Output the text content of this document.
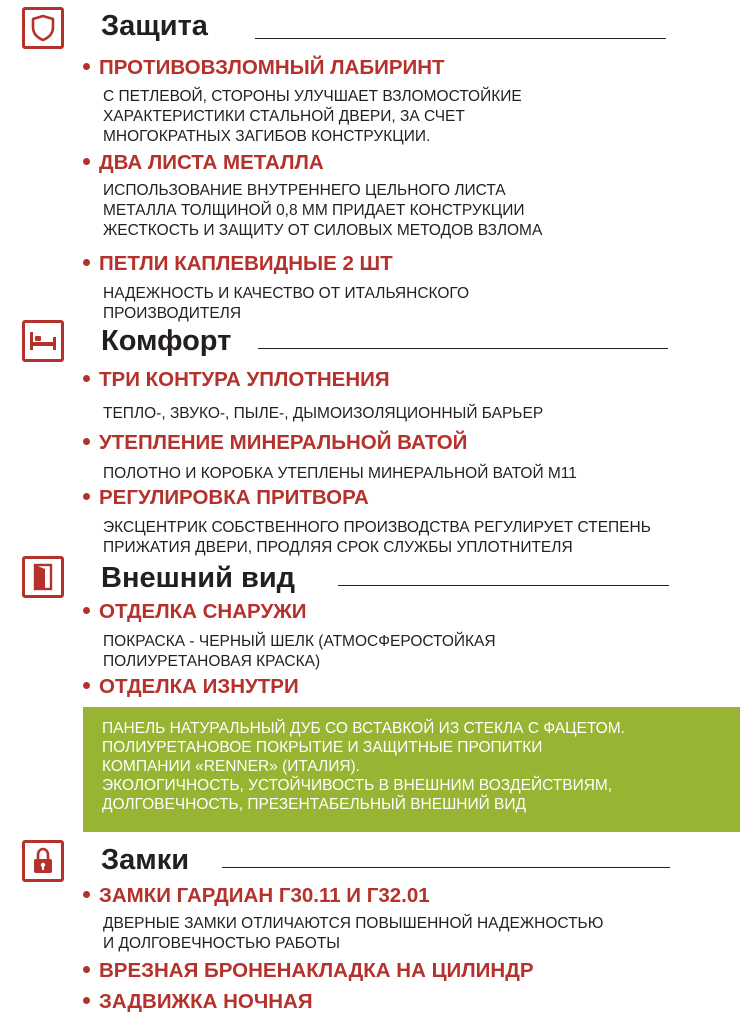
Защита
ПРОТИВОВЗЛОМНЫЙ ЛАБИРИНТ

С ПЕТЛЕВОЙ, СТОРОНЫ УЛУЧШАЕТ ВЗЛОМОСТОЙКИЕ

ХАРАКТЕРИСТИКИ СТАЛЬНОЙ ДВЕРИ, ЗА СЧЕТ

МНОГОКРАТНЫХ ЗАГИБОВ КОНСТРУКЦИИ.

ДВА ЛИСТА МЕТАЛЛА

ИСПОЛЬЗОВАНИЕ ВНУТРЕННЕГО ЦЕЛЬНОГО ЛИСТА

МЕТАЛЛА ТОЛЩИНОЙ 0,8 ММ ПРИДАЕТ КОНСТРУКЦИИ

ЖЕСТКОСТЬ И ЗАЩИТУ ОТ СИЛОВЫХ МЕТОДОВ ВЗЛОМА

ПЕТЛИ КАПЛЕВИДНЫЕ 2 ШТ

НАДЕЖНОСТЬ И КАЧЕСТВО ОТ ИТАЛЬЯНСКОГО

ПРОИЗВОДИТЕЛЯ

Комфорт
ТРИ КОНТУРА УПЛОТНЕНИЯ

ТЕПЛО-, ЗВУКО-, ПЫЛЕ-, ДЫМОИЗОЛЯЦИОННЫЙ БАРЬЕР

УТЕПЛЕНИЕ МИНЕРАЛЬНОЙ ВАТОЙ

ПОЛОТНО И КОРОБКА УТЕПЛЕНЫ МИНЕРАЛЬНОЙ ВАТОЙ М11

РЕГУЛИРОВКА ПРИТВОРА

ЭКСЦЕНТРИК СОБСТВЕННОГО ПРОИЗВОДСТВА РЕГУЛИРУЕТ СТЕПЕНЬ

ПРИЖАТИЯ ДВЕРИ, ПРОДЛЯЯ СРОК СЛУЖБЫ УПЛОТНИТЕЛЯ

Внешний вид
ОТДЕЛКА СНАРУЖИ

ПОКРАСКА - ЧЕРНЫЙ ШЕЛК (АТМОСФЕРОСТОЙКАЯ

ПОЛИУРЕТАНОВАЯ КРАСКА)

ОТДЕЛКА ИЗНУТРИ

ПАНЕЛЬ НАТУРАЛЬНЫЙ ДУБ СО ВСТАВКОЙ ИЗ СТЕКЛА С ФАЦЕТОМ.

ПОЛИУРЕТАНОВОЕ ПОКРЫТИЕ И ЗАЩИТНЫЕ ПРОПИТКИ

КОМПАНИИ «RENNER» (ИТАЛИЯ).

ЭКОЛОГИЧНОСТЬ, УСТОЙЧИВОСТЬ В ВНЕШНИМ ВОЗДЕЙСТВИЯМ,

ДОЛГОВЕЧНОСТЬ, ПРЕЗЕНТАБЕЛЬНЫЙ ВНЕШНИЙ ВИД

Замки
ЗАМКИ ГАРДИАН Г30.11 И Г32.01

ДВЕРНЫЕ ЗАМКИ ОТЛИЧАЮТСЯ ПОВЫШЕННОЙ НАДЕЖНОСТЬЮ

И ДОЛГОВЕЧНОСТЬЮ РАБОТЫ

ВРЕЗНАЯ БРОНЕНАКЛАДКА НА ЦИЛИНДР
ЗАДВИЖКА НОЧНАЯ
